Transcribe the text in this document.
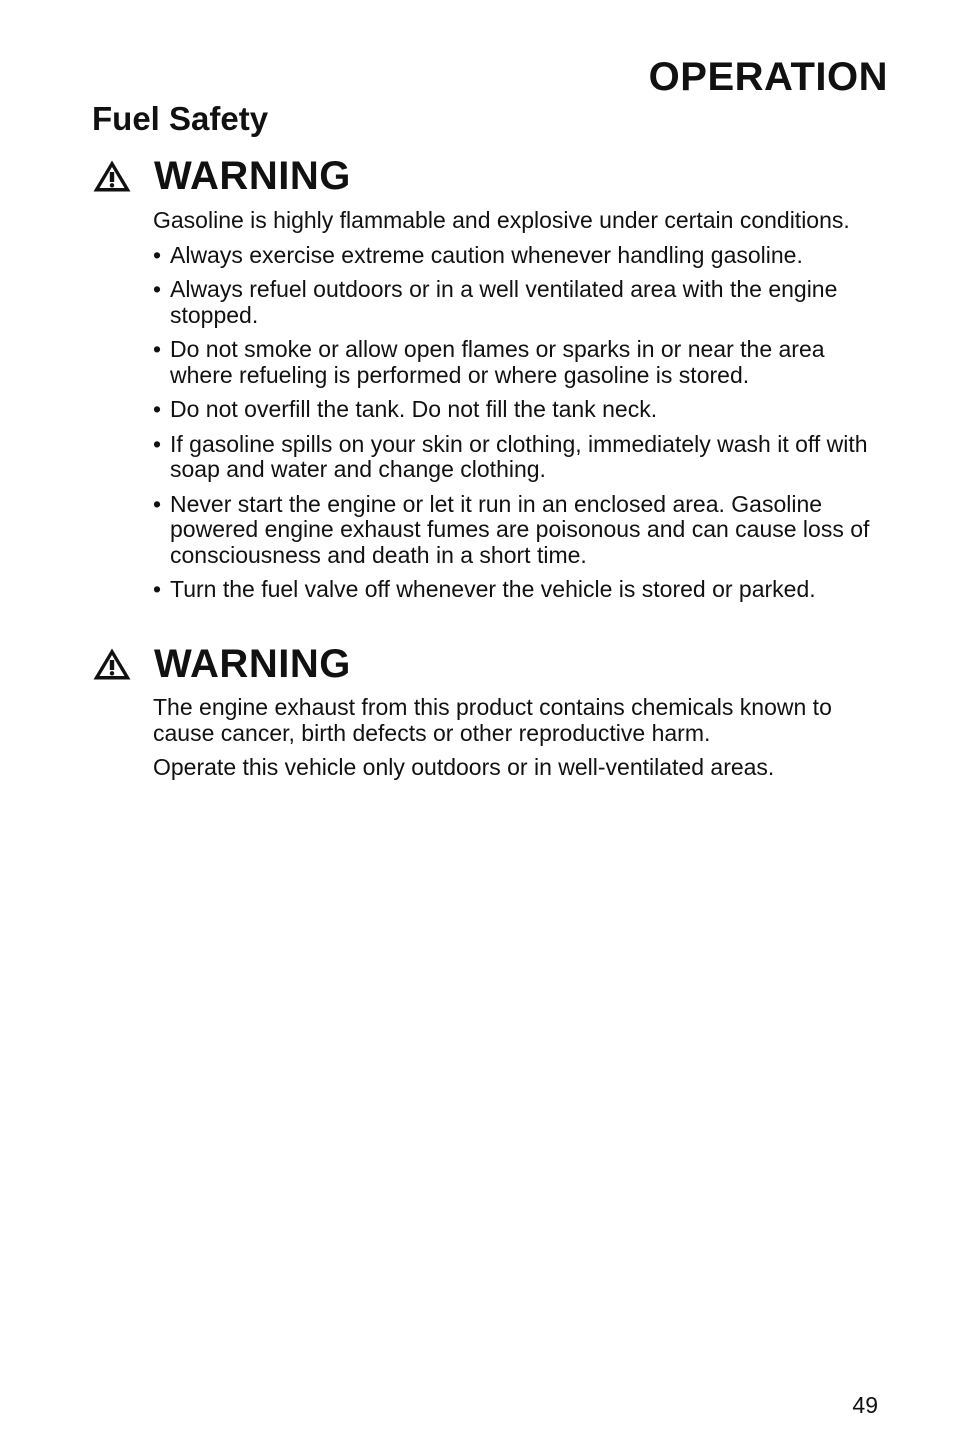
OPERATION
Fuel Safety
WARNING

Gasoline is highly flammable and explosive under certain conditions.

• Always exercise extreme caution whenever handling gasoline.
• Always refuel outdoors or in a well ventilated area with the engine stopped.
• Do not smoke or allow open flames or sparks in or near the area where refueling is performed or where gasoline is stored.
• Do not overfill the tank. Do not fill the tank neck.
• If gasoline spills on your skin or clothing, immediately wash it off with soap and water and change clothing.
• Never start the engine or let it run in an enclosed area. Gasoline powered engine exhaust fumes are poisonous and can cause loss of consciousness and death in a short time.
• Turn the fuel valve off whenever the vehicle is stored or parked.
WARNING

The engine exhaust from this product contains chemicals known to cause cancer, birth defects or other reproductive harm.

Operate this vehicle only outdoors or in well-ventilated areas.

49
